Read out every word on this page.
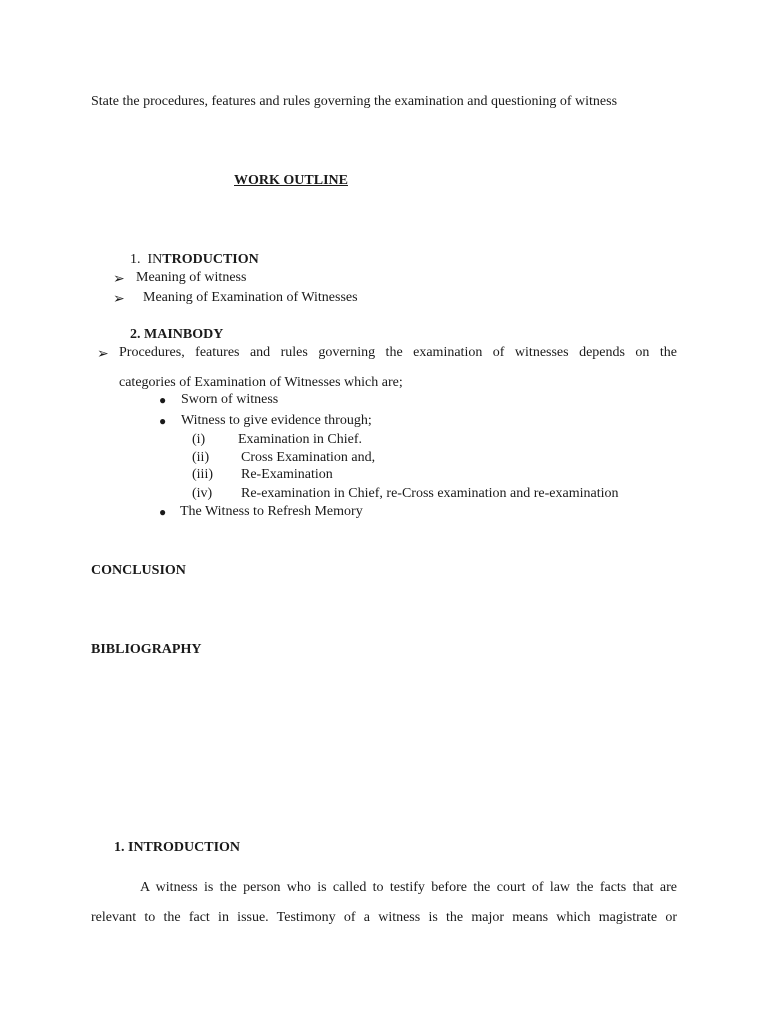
State the procedures, features and rules governing the examination and questioning of witness
WORK OUTLINE
1. INTRODUCTION
➢ Meaning of witness
➢ Meaning of Examination of Witnesses
2. MAINBODY
➢ Procedures, features and rules governing the examination of witnesses depends on the
categories of Examination of Witnesses which are;
● Sworn of witness
● Witness to give evidence through;
(i) Examination in Chief.
(ii) Cross Examination and,
(iii) Re-Examination
(iv) Re-examination in Chief, re-Cross examination and re-examination
● The Witness to Refresh Memory
CONCLUSION
BIBLIOGRAPHY
1. INTRODUCTION
A witness is the person who is called to testify before the court of law the facts that are
relevant to the fact in issue. Testimony of a witness is the major means which magistrate or
